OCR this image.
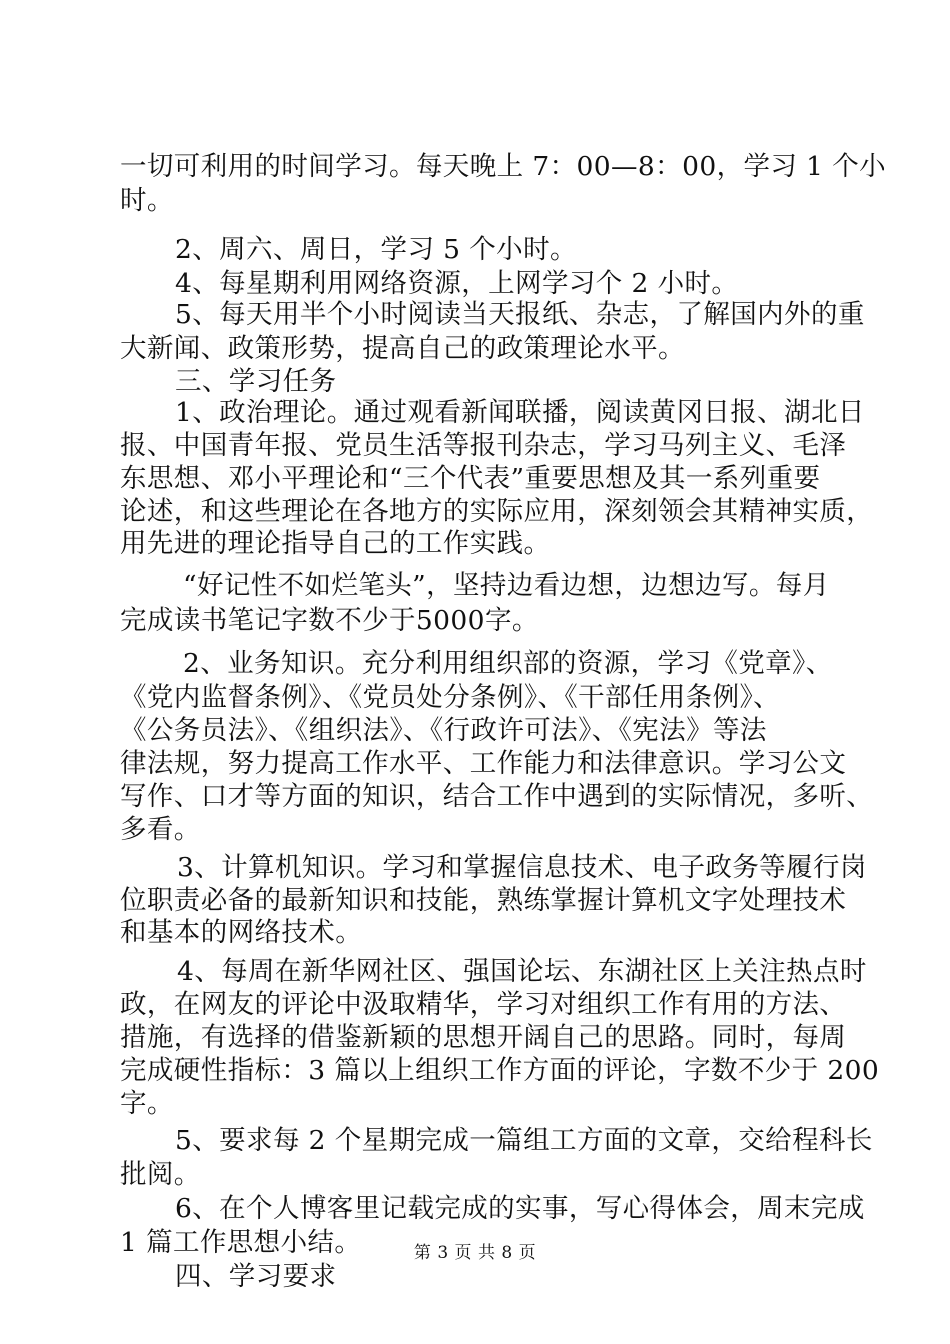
一切可利用的时间学习。每天晚上 7：00—8：00，学习 1 个小
时。
2、周六、周日，学习 5 个小时。
4、每星期利用网络资源，上网学习个 2 小时。
5、每天用半个小时阅读当天报纸、杂志，了解国内外的重
大新闻、政策形势，提高自己的政策理论水平。
三、学习任务
1、政治理论。通过观看新闻联播，阅读黄冈日报、湖北日
报、中国青年报、党员生活等报刊杂志，学习马列主义、毛泽
东思想、邓小平理论和“三个代表”重要思想及其一系列重要
论述，和这些理论在各地方的实际应用，深刻领会其精神实质，
用先进的理论指导自己的工作实践。
“好记性不如烂笔头”，坚持边看边想，边想边写。每月
完成读书笔记字数不少于5000字。
2、业务知识。充分利用组织部的资源，学习《党章》、
《党内监督条例》、《党员处分条例》、《干部任用条例》、
《公务员法》、《组织法》、《行政许可法》、《宪法》等法
律法规，努力提高工作水平、工作能力和法律意识。学习公文
写作、口才等方面的知识，结合工作中遇到的实际情况，多听、
多看。
3、计算机知识。学习和掌握信息技术、电子政务等履行岗
位职责必备的最新知识和技能，熟练掌握计算机文字处理技术
和基本的网络技术。
4、每周在新华网社区、强国论坛、东湖社区上关注热点时
政，在网友的评论中汲取精华，学习对组织工作有用的方法、
措施，有选择的借鉴新颖的思想开阔自己的思路。同时，每周
完成硬性指标：3 篇以上组织工作方面的评论，字数不少于 200
字。
5、要求每 2 个星期完成一篇组工方面的文章，交给程科长
批阅。
6、在个人博客里记载完成的实事，写心得体会，周末完成
1 篇工作思想小结。
四、学习要求
第 3 页 共 8 页
